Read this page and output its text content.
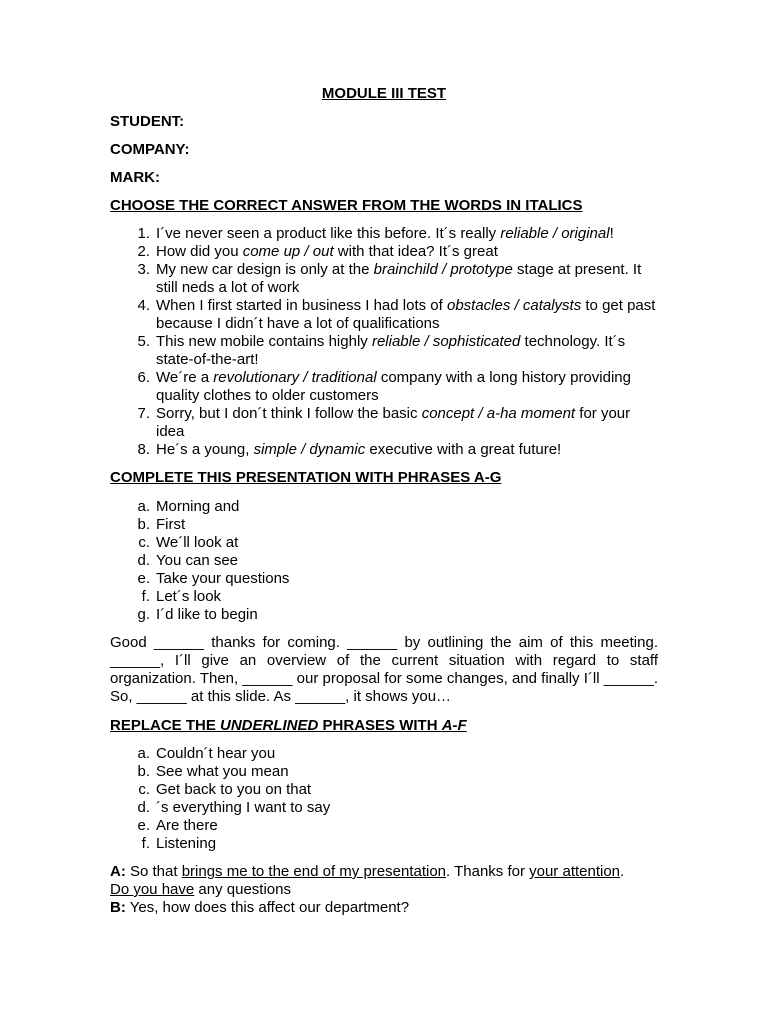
MODULE III TEST
STUDENT:
COMPANY:
MARK:
CHOOSE THE CORRECT ANSWER FROM THE WORDS IN ITALICS
1. I´ve never seen a product like this before. It´s really reliable / original!
2. How did you come up / out with that idea? It´s great
3. My new car design is only at the brainchild / prototype stage at present. It still neds a lot of work
4. When I first started in business I had lots of obstacles / catalysts to get past because I didn´t have a lot of qualifications
5. This new mobile contains highly reliable / sophisticated technology. It´s state-of-the-art!
6. We´re a revolutionary / traditional company with a long history providing quality clothes to older customers
7. Sorry, but I don´t think I follow the basic concept / a-ha moment for your idea
8. He´s a young, simple / dynamic executive with a great future!
COMPLETE THIS PRESENTATION WITH PHRASES A-G
a. Morning and
b. First
c. We´ll look at
d. You can see
e. Take your questions
f. Let´s look
g. I´d like to begin
Good ______ thanks for coming. ______ by outlining the aim of this meeting. ______, I´ll give an overview of the current situation with regard to staff organization. Then, ______ our proposal for some changes, and finally I´ll ______. So, ______ at this slide. As ______, it shows you…
REPLACE THE UNDERLINED PHRASES WITH A-F
a. Couldn´t hear you
b. See what you mean
c. Get back to you on that
d. ´s everything I want to say
e. Are there
f. Listening
A: So that brings me to the end of my presentation. Thanks for your attention.
Do you have any questions
B: Yes, how does this affect our department?
